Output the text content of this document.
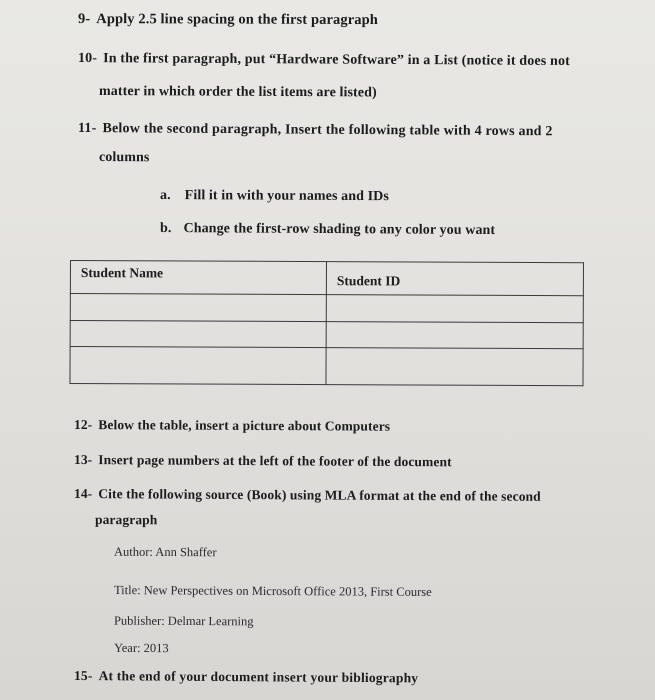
9- Apply 2.5 line spacing on the first paragraph
10- In the first paragraph, put “Hardware Software” in a List (notice it does not
matter in which order the list items are listed)
11- Below the second paragraph, Insert the following table with 4 rows and 2
columns
a. Fill it in with your names and IDs
b. Change the first-row shading to any color you want
Student Name
Student ID
12- Below the table, insert a picture about Computers
13- Insert page numbers at the left of the footer of the document
14- Cite the following source (Book) using MLA format at the end of the second
paragraph
Author: Ann Shaffer
Title: New Perspectives on Microsoft Office 2013, First Course
Publisher: Delmar Learning
Year: 2013
15- At the end of your document insert your bibliography
